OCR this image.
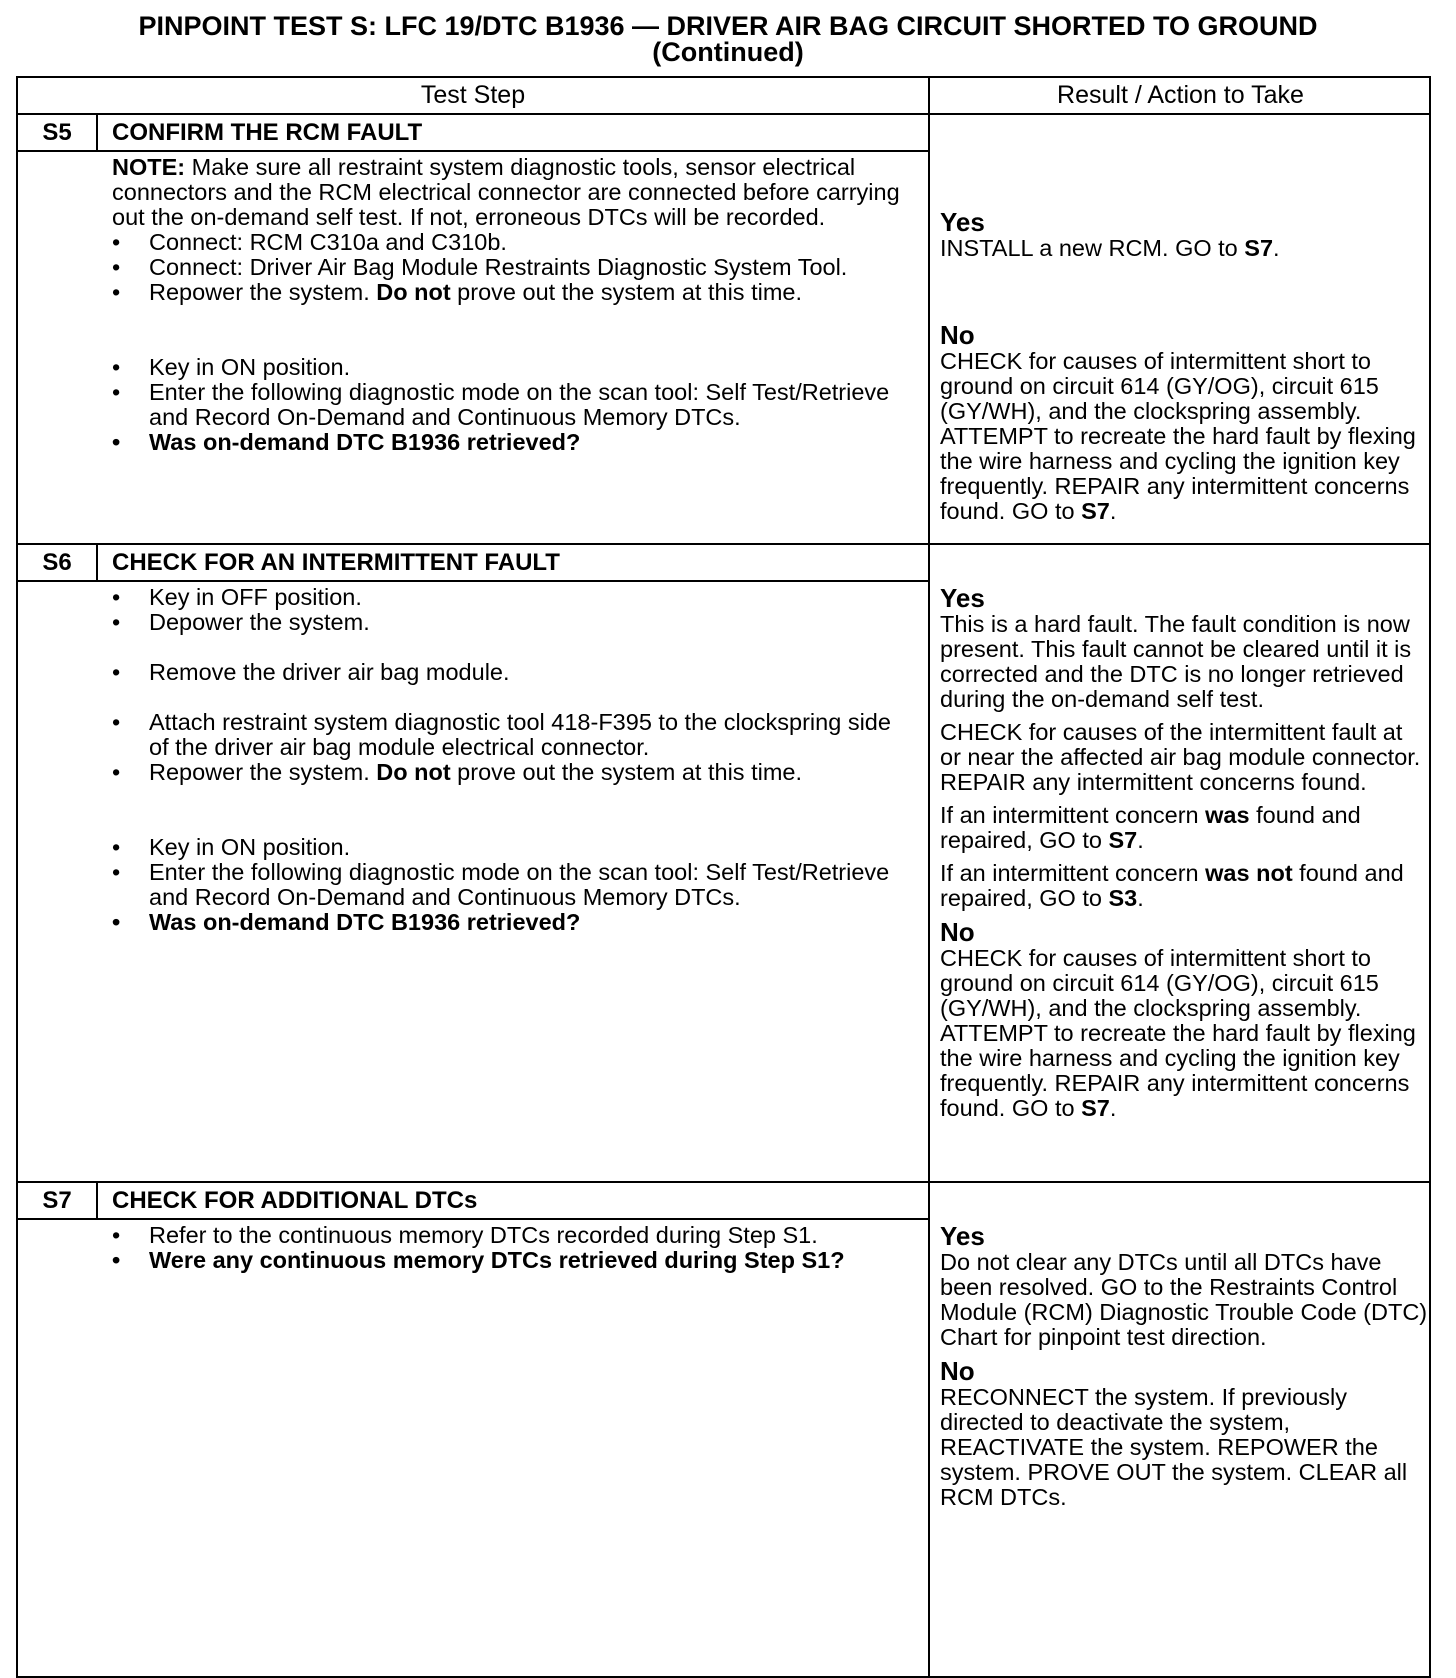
PINPOINT TEST S: LFC 19/DTC B1936 — DRIVER AIR BAG CIRCUIT SHORTED TO GROUND
(Continued)
Test Step	Result / Action to Take
S5	CONFIRM THE RCM FAULT

NOTE: Make sure all restraint system diagnostic tools, sensor electrical connectors and the RCM electrical connector are connected before carrying out the on-demand self test. If not, erroneous DTCs will be recorded.

• Connect: RCM C310a and C310b.
• Connect: Driver Air Bag Module Restraints Diagnostic System Tool.
• Repower the system. Do not prove out the system at this time.
• Key in ON position.
• Enter the following diagnostic mode on the scan tool: Self Test/Retrieve and Record On-Demand and Continuous Memory DTCs.
• Was on-demand DTC B1936 retrieved?
Yes

INSTALL a new RCM. GO to S7.

No

CHECK for causes of intermittent short to ground on circuit 614 (GY/OG), circuit 615 (GY/WH), and the clockspring assembly. ATTEMPT to recreate the hard fault by flexing the wire harness and cycling the ignition key frequently. REPAIR any intermittent concerns found. GO to S7.

S6	CHECK FOR AN INTERMITTENT FAULT
• Key in OFF position.
• Depower the system.
• Remove the driver air bag module.
• Attach restraint system diagnostic tool 418-F395 to the clockspring side of the driver air bag module electrical connector.
• Repower the system. Do not prove out the system at this time.
• Key in ON position.
• Enter the following diagnostic mode on the scan tool: Self Test/Retrieve and Record On-Demand and Continuous Memory DTCs.
• Was on-demand DTC B1936 retrieved?
Yes

This is a hard fault. The fault condition is now present. This fault cannot be cleared until it is corrected and the DTC is no longer retrieved during the on-demand self test.

CHECK for causes of the intermittent fault at or near the affected air bag module connector. REPAIR any intermittent concerns found.

If an intermittent concern was found and repaired, GO to S7.

If an intermittent concern was not found and repaired, GO to S3.

No

CHECK for causes of intermittent short to ground on circuit 614 (GY/OG), circuit 615 (GY/WH), and the clockspring assembly. ATTEMPT to recreate the hard fault by flexing the wire harness and cycling the ignition key frequently. REPAIR any intermittent concerns found. GO to S7.

S7	CHECK FOR ADDITIONAL DTCs
• Refer to the continuous memory DTCs recorded during Step S1.
• Were any continuous memory DTCs retrieved during Step S1?
Yes

Do not clear any DTCs until all DTCs have been resolved. GO to the Restraints Control Module (RCM) Diagnostic Trouble Code (DTC) Chart for pinpoint test direction.

No

RECONNECT the system. If previously directed to deactivate the system, REACTIVATE the system. REPOWER the system. PROVE OUT the system. CLEAR all RCM DTCs.
